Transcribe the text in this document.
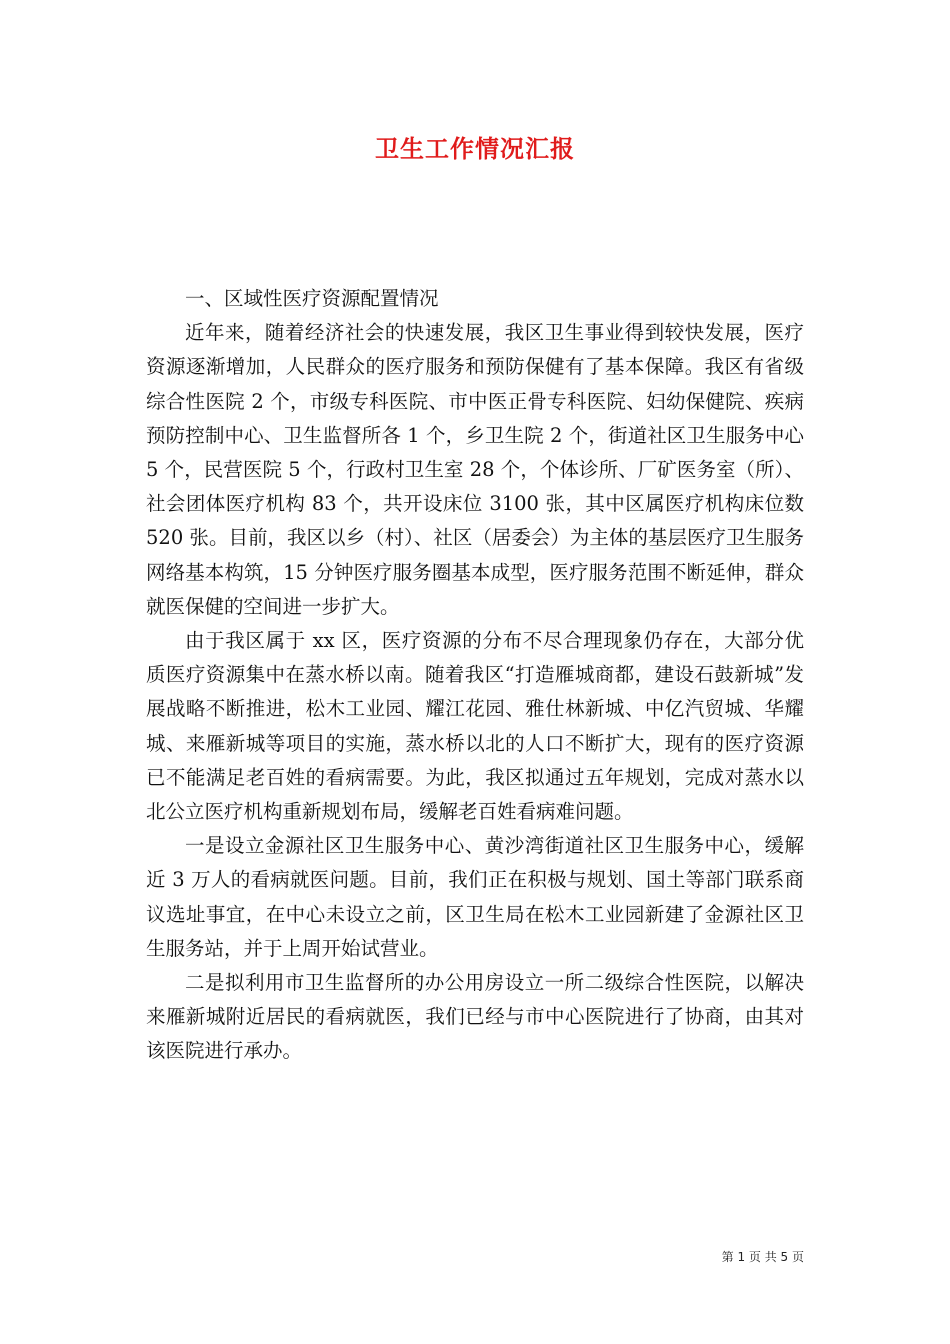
卫生工作情况汇报

一、区域性医疗资源配置情况

近年来，随着经济社会的快速发展，我区卫生事业得到较快发展，医疗资源逐渐增加，人民群众的医疗服务和预防保健有了基本保障。我区有省级综合性医院 2 个，市级专科医院、市中医正骨专科医院、妇幼保健院、疾病预防控制中心、卫生监督所各 1 个，乡卫生院 2 个，街道社区卫生服务中心 5 个，民营医院 5 个，行政村卫生室 28 个，个体诊所、厂矿医务室（所）、社会团体医疗机构 83 个，共开设床位 3100 张，其中区属医疗机构床位数 520 张。目前，我区以乡（村）、社区（居委会）为主体的基层医疗卫生服务网络基本构筑，15 分钟医疗服务圈基本成型，医疗服务范围不断延伸，群众就医保健的空间进一步扩大。

由于我区属于 xx 区，医疗资源的分布不尽合理现象仍存在，大部分优质医疗资源集中在蒸水桥以南。随着我区“打造雁城商都，建设石鼓新城”发展战略不断推进，松木工业园、耀江花园、雅仕林新城、中亿汽贸城、华耀城、来雁新城等项目的实施，蒸水桥以北的人口不断扩大，现有的医疗资源已不能满足老百姓的看病需要。为此，我区拟通过五年规划，完成对蒸水以北公立医疗机构重新规划布局，缓解老百姓看病难问题。

一是设立金源社区卫生服务中心、黄沙湾街道社区卫生服务中心，缓解近 3 万人的看病就医问题。目前，我们正在积极与规划、国土等部门联系商议选址事宜，在中心未设立之前，区卫生局在松木工业园新建了金源社区卫生服务站，并于上周开始试营业。

二是拟利用市卫生监督所的办公用房设立一所二级综合性医院，以解决来雁新城附近居民的看病就医，我们已经与市中心医院进行了协商，由其对该医院进行承办。

第 1 页 共 5 页
